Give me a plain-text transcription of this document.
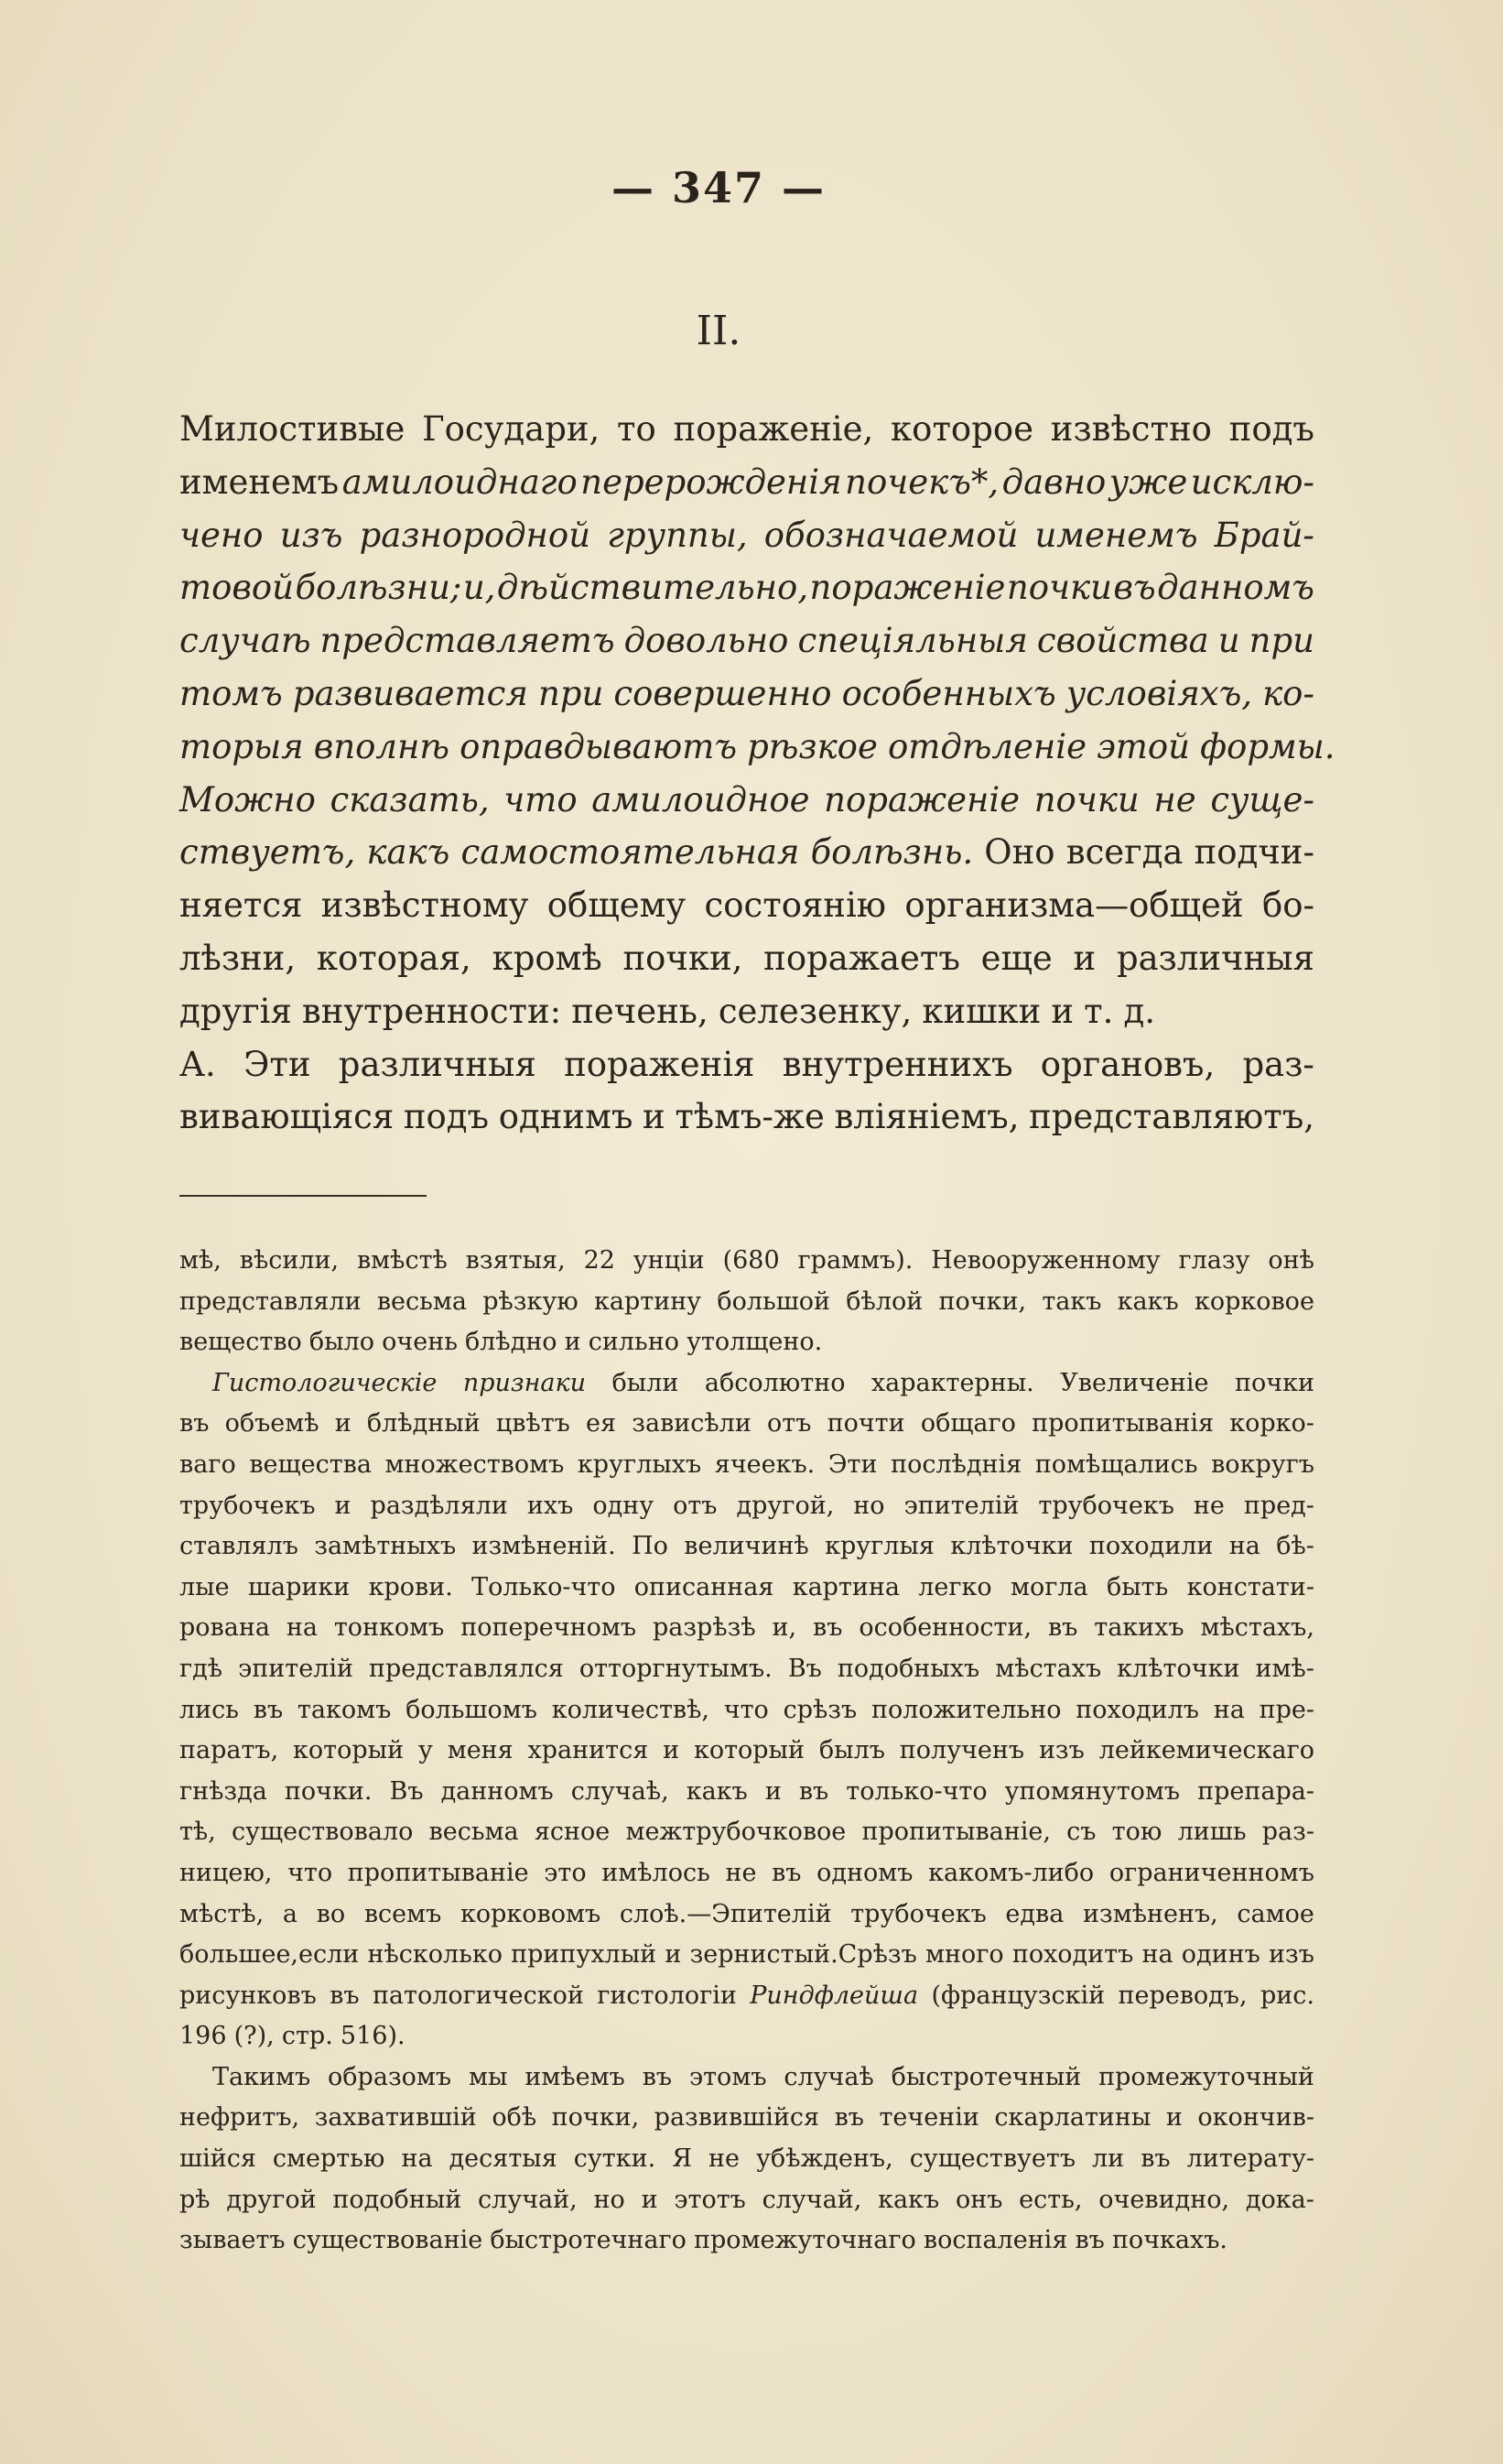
— 347 —
II.
Милостивые Государи, то пораженіе, которое извѣстно подъ
именемъ амилоиднаго перерожденія почекъ*, давно уже исклю-
чено изъ разнородной группы, обозначаемой именемъ Брай-
товой болѣзни; и, дѣйствительно, пораженіе почки въ данномъ
случаѣ представляетъ довольно спеціяльныя свойства и при
томъ развивается при совершенно особенныхъ условіяхъ, ко-
торыя вполнѣ оправдываютъ рѣзкое отдѣленіе этой формы.
Можно сказать, что амилоидное пораженіе почки не суще-
ствуетъ, какъ самостоятельная болѣзнь. Оно всегда подчи-
няется извѣстному общему состоянію организма—общей бо-
лѣзни, которая, кромѣ почки, поражаетъ еще и различныя
другія внутренности: печень, селезенку, кишки и т. д.
А. Эти различныя пораженія внутреннихъ органовъ, раз-
вивающіяся подъ однимъ и тѣмъ-же вліяніемъ, представляютъ,
мѣ, вѣсили, вмѣстѣ взятыя, 22 унціи (680 граммъ). Невооруженному глазу онѣ
представляли весьма рѣзкую картину большой бѣлой почки, такъ какъ корковое
вещество было очень блѣдно и сильно утолщено.
Гистологическіе признаки были абсолютно характерны. Увеличеніе почки
въ объемѣ и блѣдный цвѣтъ ея зависѣли отъ почти общаго пропитыванія корко-
ваго вещества множествомъ круглыхъ ячеекъ. Эти послѣднія помѣщались вокругъ
трубочекъ и раздѣляли ихъ одну отъ другой, но эпителій трубочекъ не пред-
ставлялъ замѣтныхъ измѣненій. По величинѣ круглыя клѣточки походили на бѣ-
лые шарики крови. Только-что описанная картина легко могла быть констати-
рована на тонкомъ поперечномъ разрѣзѣ и, въ особенности, въ такихъ мѣстахъ,
гдѣ эпителій представлялся отторгнутымъ. Въ подобныхъ мѣстахъ клѣточки имѣ-
лись въ такомъ большомъ количествѣ, что срѣзъ положительно походилъ на пре-
паратъ, который у меня хранится и который былъ полученъ изъ лейкемическаго
гнѣзда почки. Въ данномъ случаѣ, какъ и въ только-что упомянутомъ препара-
тѣ, существовало весьма ясное межтрубочковое пропитываніе, съ тою лишь раз-
ницею, что пропитываніе это имѣлось не въ одномъ какомъ-либо ограниченномъ
мѣстѣ, а во всемъ корковомъ слоѣ.—Эпителій трубочекъ едва измѣненъ, самое
большее,если нѣсколько припухлый и зернистый.Срѣзъ много походитъ на одинъ изъ
рисунковъ въ патологической гистологіи Риндфлейша (французскій переводъ, рис.
196 (?), стр. 516).
Такимъ образомъ мы имѣемъ въ этомъ случаѣ быстротечный промежуточный
нефритъ, захватившій обѣ почки, развившійся въ теченіи скарлатины и окончив-
шійся смертью на десятыя сутки. Я не убѣжденъ, существуетъ ли въ литерату-
рѣ другой подобный случай, но и этотъ случай, какъ онъ есть, очевидно, дока-
зываетъ существованіе быстротечнаго промежуточнаго воспаленія въ почкахъ.
